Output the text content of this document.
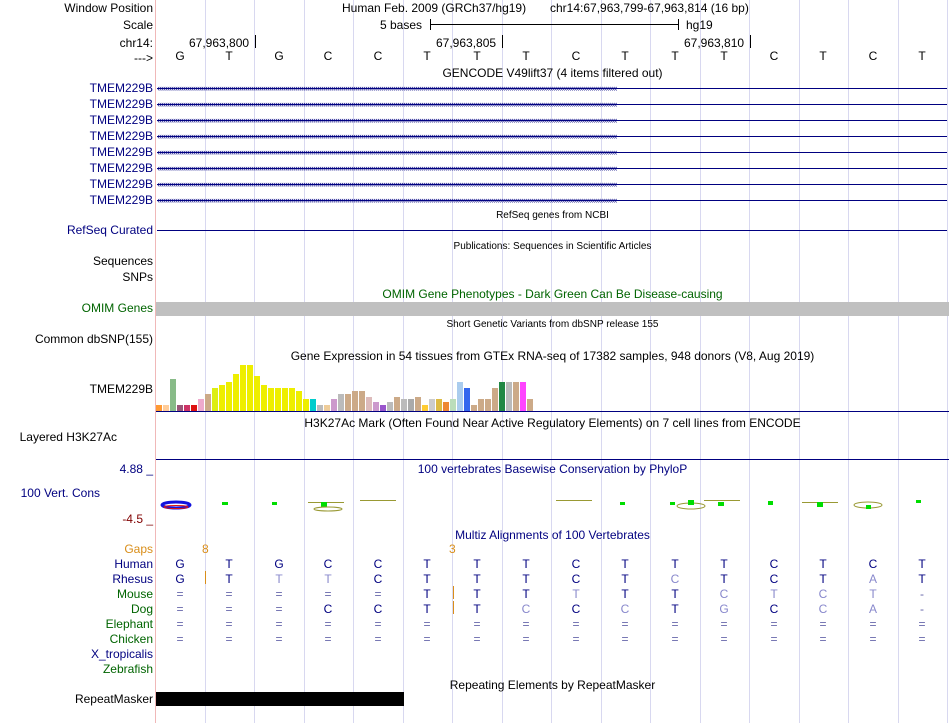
Window Position	Human Feb. 2009 (GRCh37/hg19) chr14:67,963,799-67,963,814 (16 bp)
Scale	5 bases	hg19
chr14:	67,963,800	67,963,805	67,963,810
---> G	T	G	C	C	T	T	T	C	T	T	T	C	T	C	T
GENCODE V49lift37 (4 items filtered out)
TMEM229B ‹‹‹‹‹‹‹‹‹‹‹‹‹‹‹‹‹‹‹‹‹‹‹‹‹‹‹‹‹‹‹‹‹‹‹‹‹‹‹‹‹‹‹‹‹‹‹‹‹‹‹‹‹‹‹‹‹‹‹‹‹‹‹‹‹‹‹‹‹‹‹‹‹‹‹‹‹‹‹‹‹‹‹‹‹‹‹‹‹‹‹‹‹‹‹‹‹‹‹‹‹‹‹‹‹‹‹‹‹‹‹‹‹‹‹‹‹‹‹‹‹‹‹‹‹‹‹‹‹‹‹‹‹‹‹‹‹‹‹‹‹‹‹‹‹‹‹‹‹‹‹‹‹‹‹‹‹‹‹‹‹‹‹‹‹‹‹‹‹‹‹‹‹‹‹‹‹‹‹‹‹‹‹‹‹‹‹‹‹‹‹‹‹‹‹‹‹‹‹‹‹‹‹‹‹‹‹‹‹‹‹‹‹‹‹‹‹‹‹‹‹‹‹‹‹‹‹‹‹‹
TMEM229B ‹‹‹‹‹‹‹‹‹‹‹‹‹‹‹‹‹‹‹‹‹‹‹‹‹‹‹‹‹‹‹‹‹‹‹‹‹‹‹‹‹‹‹‹‹‹‹‹‹‹‹‹‹‹‹‹‹‹‹‹‹‹‹‹‹‹‹‹‹‹‹‹‹‹‹‹‹‹‹‹‹‹‹‹‹‹‹‹‹‹‹‹‹‹‹‹‹‹‹‹‹‹‹‹‹‹‹‹‹‹‹‹‹‹‹‹‹‹‹‹‹‹‹‹‹‹‹‹‹‹‹‹‹‹‹‹‹‹‹‹‹‹‹‹‹‹‹‹‹‹‹‹‹‹‹‹‹‹‹‹‹‹‹‹‹‹‹‹‹‹‹‹‹‹‹‹‹‹‹‹‹‹‹‹‹‹‹‹‹‹‹‹‹‹‹‹‹‹‹‹‹‹‹‹‹‹‹‹‹‹‹‹‹‹‹‹‹‹‹‹‹‹‹‹‹‹‹‹‹‹
TMEM229B ‹‹‹‹‹‹‹‹‹‹‹‹‹‹‹‹‹‹‹‹‹‹‹‹‹‹‹‹‹‹‹‹‹‹‹‹‹‹‹‹‹‹‹‹‹‹‹‹‹‹‹‹‹‹‹‹‹‹‹‹‹‹‹‹‹‹‹‹‹‹‹‹‹‹‹‹‹‹‹‹‹‹‹‹‹‹‹‹‹‹‹‹‹‹‹‹‹‹‹‹‹‹‹‹‹‹‹‹‹‹‹‹‹‹‹‹‹‹‹‹‹‹‹‹‹‹‹‹‹‹‹‹‹‹‹‹‹‹‹‹‹‹‹‹‹‹‹‹‹‹‹‹‹‹‹‹‹‹‹‹‹‹‹‹‹‹‹‹‹‹‹‹‹‹‹‹‹‹‹‹‹‹‹‹‹‹‹‹‹‹‹‹‹‹‹‹‹‹‹‹‹‹‹‹‹‹‹‹‹‹‹‹‹‹‹‹‹‹‹‹‹‹‹‹‹‹‹‹‹‹
TMEM229B ‹‹‹‹‹‹‹‹‹‹‹‹‹‹‹‹‹‹‹‹‹‹‹‹‹‹‹‹‹‹‹‹‹‹‹‹‹‹‹‹‹‹‹‹‹‹‹‹‹‹‹‹‹‹‹‹‹‹‹‹‹‹‹‹‹‹‹‹‹‹‹‹‹‹‹‹‹‹‹‹‹‹‹‹‹‹‹‹‹‹‹‹‹‹‹‹‹‹‹‹‹‹‹‹‹‹‹‹‹‹‹‹‹‹‹‹‹‹‹‹‹‹‹‹‹‹‹‹‹‹‹‹‹‹‹‹‹‹‹‹‹‹‹‹‹‹‹‹‹‹‹‹‹‹‹‹‹‹‹‹‹‹‹‹‹‹‹‹‹‹‹‹‹‹‹‹‹‹‹‹‹‹‹‹‹‹‹‹‹‹‹‹‹‹‹‹‹‹‹‹‹‹‹‹‹‹‹‹‹‹‹‹‹‹‹‹‹‹‹‹‹‹‹‹‹‹‹‹‹‹
TMEM229B ‹‹‹‹‹‹‹‹‹‹‹‹‹‹‹‹‹‹‹‹‹‹‹‹‹‹‹‹‹‹‹‹‹‹‹‹‹‹‹‹‹‹‹‹‹‹‹‹‹‹‹‹‹‹‹‹‹‹‹‹‹‹‹‹‹‹‹‹‹‹‹‹‹‹‹‹‹‹‹‹‹‹‹‹‹‹‹‹‹‹‹‹‹‹‹‹‹‹‹‹‹‹‹‹‹‹‹‹‹‹‹‹‹‹‹‹‹‹‹‹‹‹‹‹‹‹‹‹‹‹‹‹‹‹‹‹‹‹‹‹‹‹‹‹‹‹‹‹‹‹‹‹‹‹‹‹‹‹‹‹‹‹‹‹‹‹‹‹‹‹‹‹‹‹‹‹‹‹‹‹‹‹‹‹‹‹‹‹‹‹‹‹‹‹‹‹‹‹‹‹‹‹‹‹‹‹‹‹‹‹‹‹‹‹‹‹‹‹‹‹‹‹‹‹‹‹‹‹‹‹
TMEM229B ‹‹‹‹‹‹‹‹‹‹‹‹‹‹‹‹‹‹‹‹‹‹‹‹‹‹‹‹‹‹‹‹‹‹‹‹‹‹‹‹‹‹‹‹‹‹‹‹‹‹‹‹‹‹‹‹‹‹‹‹‹‹‹‹‹‹‹‹‹‹‹‹‹‹‹‹‹‹‹‹‹‹‹‹‹‹‹‹‹‹‹‹‹‹‹‹‹‹‹‹‹‹‹‹‹‹‹‹‹‹‹‹‹‹‹‹‹‹‹‹‹‹‹‹‹‹‹‹‹‹‹‹‹‹‹‹‹‹‹‹‹‹‹‹‹‹‹‹‹‹‹‹‹‹‹‹‹‹‹‹‹‹‹‹‹‹‹‹‹‹‹‹‹‹‹‹‹‹‹‹‹‹‹‹‹‹‹‹‹‹‹‹‹‹‹‹‹‹‹‹‹‹‹‹‹‹‹‹‹‹‹‹‹‹‹‹‹‹‹‹‹‹‹‹‹‹‹‹‹‹
TMEM229B ‹‹‹‹‹‹‹‹‹‹‹‹‹‹‹‹‹‹‹‹‹‹‹‹‹‹‹‹‹‹‹‹‹‹‹‹‹‹‹‹‹‹‹‹‹‹‹‹‹‹‹‹‹‹‹‹‹‹‹‹‹‹‹‹‹‹‹‹‹‹‹‹‹‹‹‹‹‹‹‹‹‹‹‹‹‹‹‹‹‹‹‹‹‹‹‹‹‹‹‹‹‹‹‹‹‹‹‹‹‹‹‹‹‹‹‹‹‹‹‹‹‹‹‹‹‹‹‹‹‹‹‹‹‹‹‹‹‹‹‹‹‹‹‹‹‹‹‹‹‹‹‹‹‹‹‹‹‹‹‹‹‹‹‹‹‹‹‹‹‹‹‹‹‹‹‹‹‹‹‹‹‹‹‹‹‹‹‹‹‹‹‹‹‹‹‹‹‹‹‹‹‹‹‹‹‹‹‹‹‹‹‹‹‹‹‹‹‹‹‹‹‹‹‹‹‹‹‹‹‹
TMEM229B ‹‹‹‹‹‹‹‹‹‹‹‹‹‹‹‹‹‹‹‹‹‹‹‹‹‹‹‹‹‹‹‹‹‹‹‹‹‹‹‹‹‹‹‹‹‹‹‹‹‹‹‹‹‹‹‹‹‹‹‹‹‹‹‹‹‹‹‹‹‹‹‹‹‹‹‹‹‹‹‹‹‹‹‹‹‹‹‹‹‹‹‹‹‹‹‹‹‹‹‹‹‹‹‹‹‹‹‹‹‹‹‹‹‹‹‹‹‹‹‹‹‹‹‹‹‹‹‹‹‹‹‹‹‹‹‹‹‹‹‹‹‹‹‹‹‹‹‹‹‹‹‹‹‹‹‹‹‹‹‹‹‹‹‹‹‹‹‹‹‹‹‹‹‹‹‹‹‹‹‹‹‹‹‹‹‹‹‹‹‹‹‹‹‹‹‹‹‹‹‹‹‹‹‹‹‹‹‹‹‹‹‹‹‹‹‹‹‹‹‹‹‹‹‹‹‹‹‹‹‹
RefSeq genes from NCBI
RefSeq Curated
Publications: Sequences in Scientific Articles
Sequences
SNPs
OMIM Gene Phenotypes - Dark Green Can Be Disease-causing
OMIM Genes
Short Genetic Variants from dbSNP release 155
Common dbSNP(155)
Gene Expression in 54 tissues from GTEx RNA-seq of 17382 samples, 948 donors (V8, Aug 2019)
TMEM229B
H3K27Ac Mark (Often Found Near Active Regulatory Elements) on 7 cell lines from ENCODE
Layered H3K27Ac
100 vertebrates Basewise Conservation by PhyloP
4.88 _
100 Vert. Cons
-4.5 _
Multiz Alignments of 100 Vertebrates
Gaps	8	3
Human G	T	G	C	C	T	T	T	C	T	T	T	C	T	C	T
Rhesus G	T	T	T	C	T	T	T	C	T	C	T	C	T	A	T
Mouse =	=	=	=	=	T	T	T	T	T	T	C	T	C	T	-
Dog =	=	=	C	C	T	T	C	C	C	T	G	C	C	A	-
Elephant =	=	=	=	=	=	=	=	=	=	=	=	=	=	=	=
Chicken =	=	=	=	=	=	=	=	=	=	=	=	=	=	=	=
X_tropicalis
Zebrafish
Repeating Elements by RepeatMasker
RepeatMasker
